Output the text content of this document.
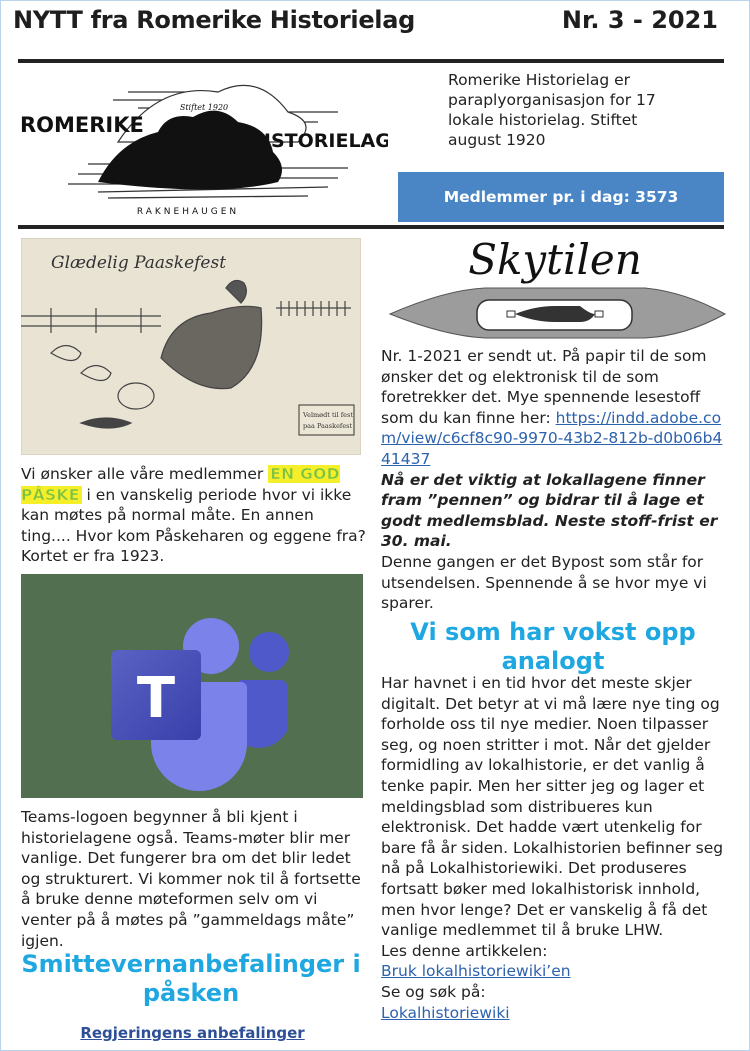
NYTT fra Romerike Historielag	Nr. 3 - 2021
Stiftet 1920
ROMERIKE
HISTORIELAG
RAKNEHAUGEN
Romerike Historielag er paraplyorganisasjon for 17 lokale historielag. Stiftet august 1920
Medlemmer pr. i dag: 3573
Glædelig Paaskefest
Velmødt til fest
paa Paaskefest
Vi ønsker alle våre medlemmer EN GOD PÅSKE i en vanskelig periode hvor vi ikke kan møtes på normal måte. En annen ting.... Hvor kom Påskeharen og eggene fra? Kortet er fra 1923.
T
Teams-logoen begynner å bli kjent i historielagene også. Teams-møter blir mer vanlige. Det fungerer bra om det blir ledet og strukturert. Vi kommer nok til å fortsette å bruke denne møteformen selv om vi venter på å møtes på ”gammeldags måte” igjen.
Smittevernanbefalinger i påsken
Regjeringens anbefalinger
Skytilen
Nr. 1-2021 er sendt ut. På papir til de som ønsker det og elektronisk til de som foretrekker det. Mye spennende lesestoff som du kan finne her: https://indd.adobe.com/view/c6cf8c90-9970-43b2-812b-d0b06b441437
Nå er det viktig at lokallagene finner fram ”pennen” og bidrar til å lage et godt medlemsblad. Neste stoff-frist er 30. mai.
Denne gangen er det Bypost som står for utsendelsen. Spennende å se hvor mye vi sparer.
Vi som har vokst opp analogt
Har havnet i en tid hvor det meste skjer digitalt. Det betyr at vi må lære nye ting og forholde oss til nye medier. Noen tilpasser seg, og noen stritter i mot. Når det gjelder formidling av lokalhistorie, er det vanlig å tenke papir. Men her sitter jeg og lager et meldingsblad som distribueres kun elektronisk. Det hadde vært utenkelig for bare få år siden. Lokalhistorien befinner seg nå på Lokalhistoriewiki. Det produseres fortsatt bøker med lokalhistorisk innhold, men hvor lenge? Det er vanskelig å få det vanlige medlemmet til å bruke LHW.
Les denne artikkelen:
Bruk lokalhistoriewiki’en
Se og søk på:
Lokalhistoriewiki
